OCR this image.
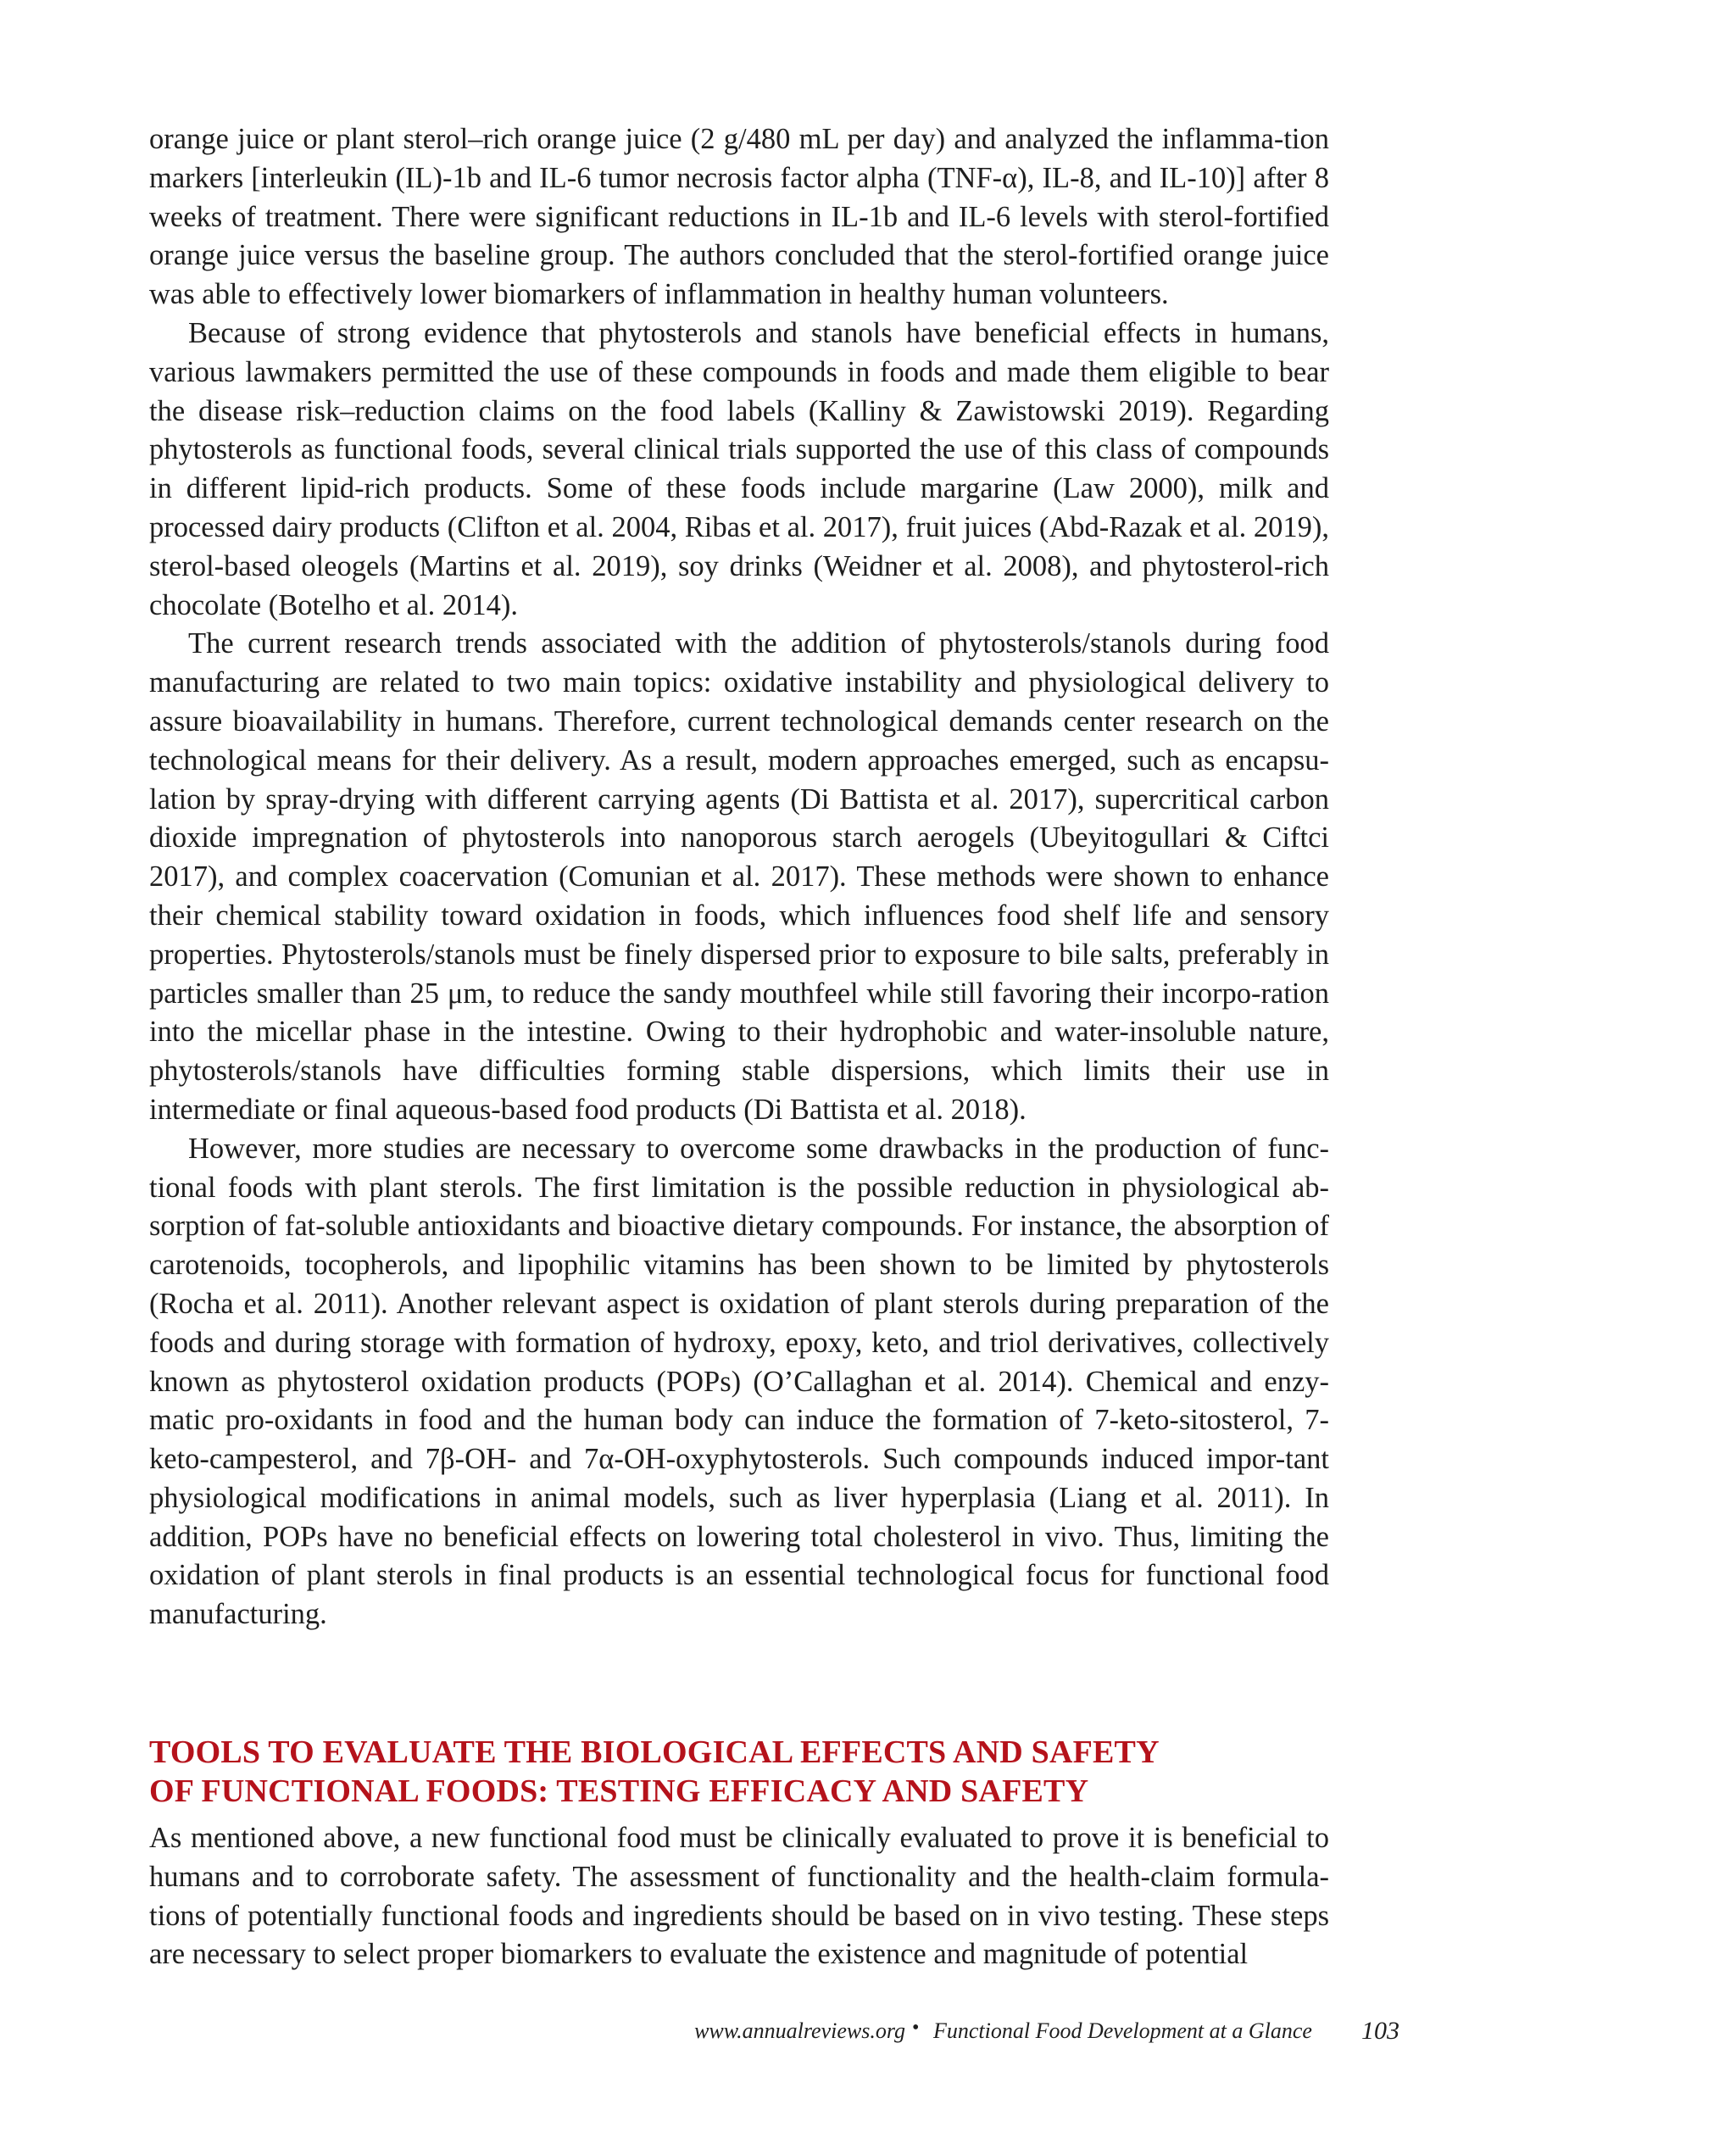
orange juice or plant sterol–rich orange juice (2 g/480 mL per day) and analyzed the inflamma-tion markers [interleukin (IL)-1b and IL-6 tumor necrosis factor alpha (TNF-α), IL-8, and IL-10)] after 8 weeks of treatment. There were significant reductions in IL-1b and IL-6 levels with sterol-fortified orange juice versus the baseline group. The authors concluded that the sterol-fortified orange juice was able to effectively lower biomarkers of inflammation in healthy human volunteers.

Because of strong evidence that phytosterols and stanols have beneficial effects in humans, various lawmakers permitted the use of these compounds in foods and made them eligible to bear the disease risk–reduction claims on the food labels (Kalliny & Zawistowski 2019). Regarding phytosterols as functional foods, several clinical trials supported the use of this class of compounds in different lipid-rich products. Some of these foods include margarine (Law 2000), milk and processed dairy products (Clifton et al. 2004, Ribas et al. 2017), fruit juices (Abd-Razak et al. 2019), sterol-based oleogels (Martins et al. 2019), soy drinks (Weidner et al. 2008), and phytosterol-rich chocolate (Botelho et al. 2014).

The current research trends associated with the addition of phytosterols/stanols during food manufacturing are related to two main topics: oxidative instability and physiological delivery to assure bioavailability in humans. Therefore, current technological demands center research on the technological means for their delivery. As a result, modern approaches emerged, such as encapsu-lation by spray-drying with different carrying agents (Di Battista et al. 2017), supercritical carbon dioxide impregnation of phytosterols into nanoporous starch aerogels (Ubeyitogullari & Ciftci 2017), and complex coacervation (Comunian et al. 2017). These methods were shown to enhance their chemical stability toward oxidation in foods, which influences food shelf life and sensory properties. Phytosterols/stanols must be finely dispersed prior to exposure to bile salts, preferably in particles smaller than 25 μm, to reduce the sandy mouthfeel while still favoring their incorpo-ration into the micellar phase in the intestine. Owing to their hydrophobic and water-insoluble nature, phytosterols/stanols have difficulties forming stable dispersions, which limits their use in intermediate or final aqueous-based food products (Di Battista et al. 2018).

However, more studies are necessary to overcome some drawbacks in the production of func-tional foods with plant sterols. The first limitation is the possible reduction in physiological ab-sorption of fat-soluble antioxidants and bioactive dietary compounds. For instance, the absorption of carotenoids, tocopherols, and lipophilic vitamins has been shown to be limited by phytosterols (Rocha et al. 2011). Another relevant aspect is oxidation of plant sterols during preparation of the foods and during storage with formation of hydroxy, epoxy, keto, and triol derivatives, collectively known as phytosterol oxidation products (POPs) (O’Callaghan et al. 2014). Chemical and enzy-matic pro-oxidants in food and the human body can induce the formation of 7-keto-sitosterol, 7-keto-campesterol, and 7β-OH- and 7α-OH-oxyphytosterols. Such compounds induced impor-tant physiological modifications in animal models, such as liver hyperplasia (Liang et al. 2011). In addition, POPs have no beneficial effects on lowering total cholesterol in vivo. Thus, limiting the oxidation of plant sterols in final products is an essential technological focus for functional food manufacturing.

TOOLS TO EVALUATE THE BIOLOGICAL EFFECTS AND SAFETY
OF FUNCTIONAL FOODS: TESTING EFFICACY AND SAFETY

As mentioned above, a new functional food must be clinically evaluated to prove it is beneficial to humans and to corroborate safety. The assessment of functionality and the health-claim formula-tions of potentially functional foods and ingredients should be based on in vivo testing. These steps are necessary to select proper biomarkers to evaluate the existence and magnitude of potential

www.annualreviews.org • Functional Food Development at a Glance 103
